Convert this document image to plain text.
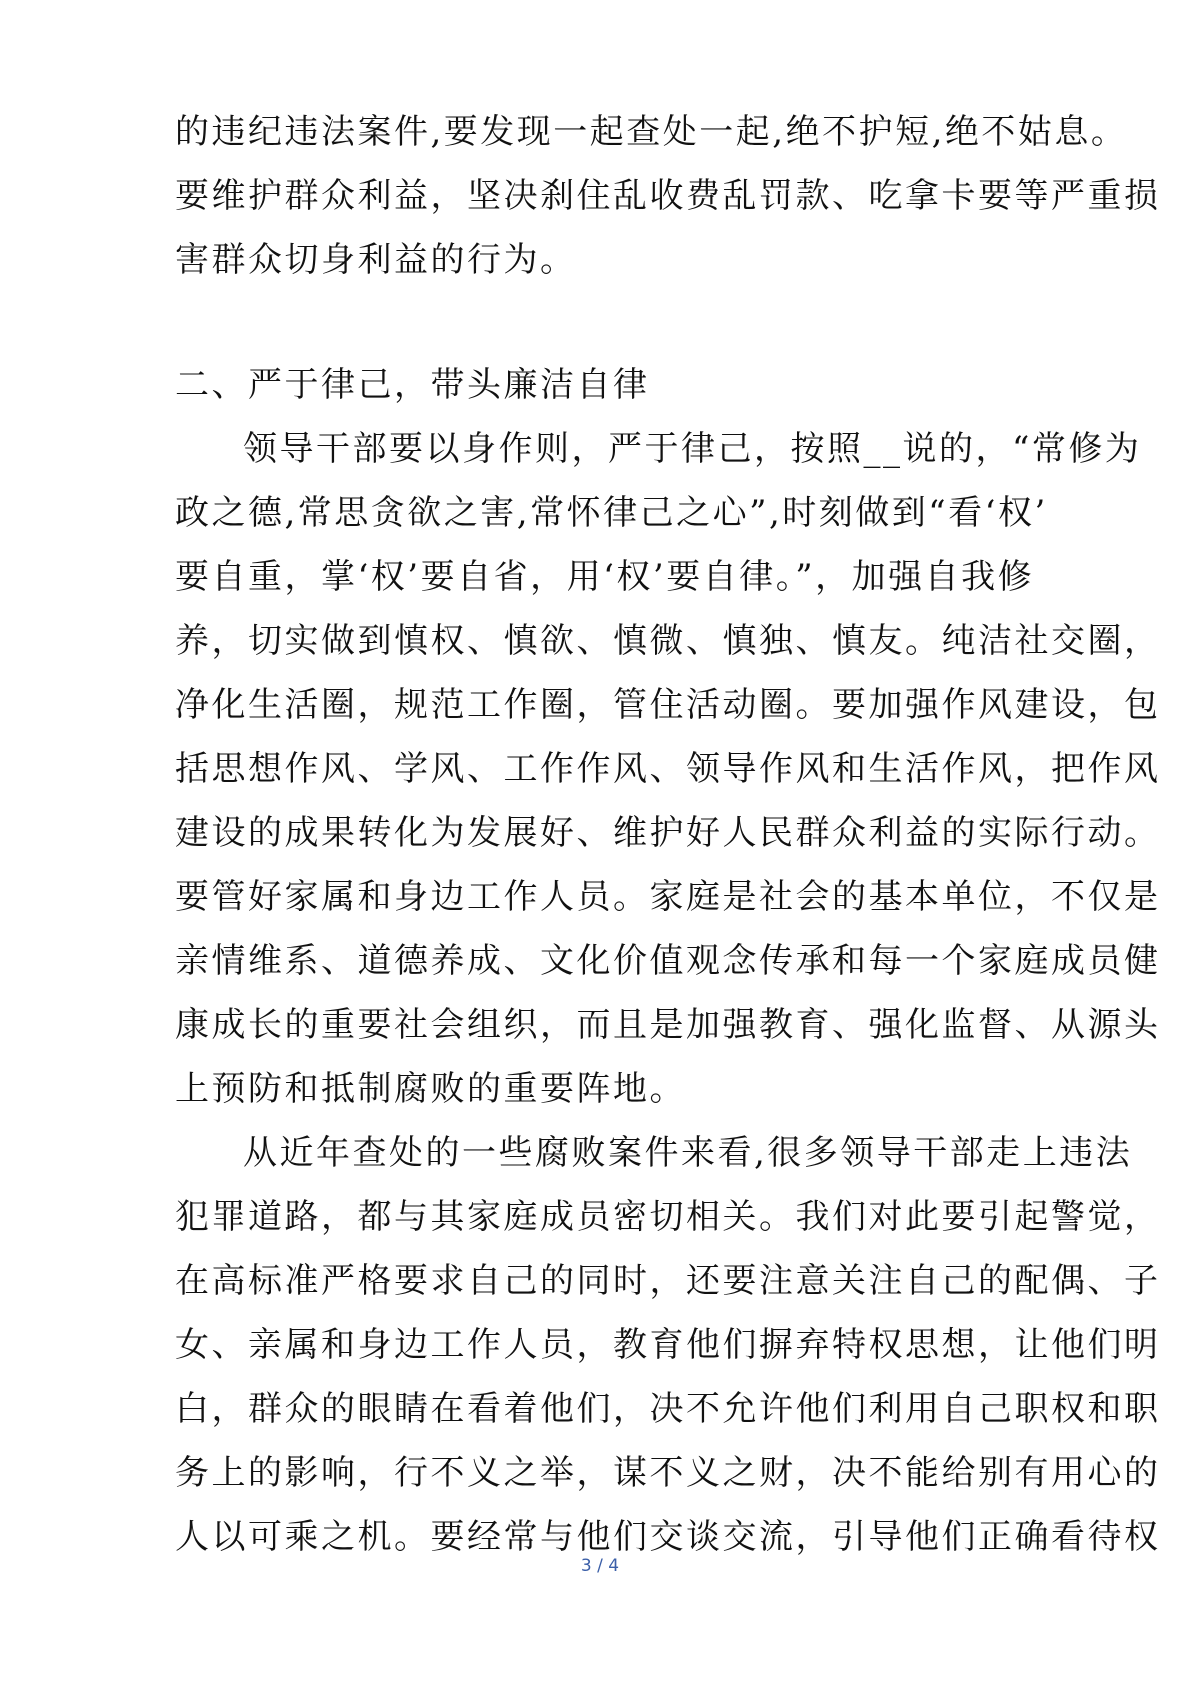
的违纪违法案件,要发现一起查处一起,绝不护短,绝不姑息。
要维护群众利益，坚决刹住乱收费乱罚款、吃拿卡要等严重损
害群众切身利益的行为。
二、严于律己，带头廉洁自律
领导干部要以身作则，严于律己，按照__说的，“常修为
政之德,常思贪欲之害,常怀律己之心”,时刻做到“看‘权’
要自重，掌‘权’要自省，用‘权’要自律。”，加强自我修
养，切实做到慎权、慎欲、慎微、慎独、慎友。纯洁社交圈，
净化生活圈，规范工作圈，管住活动圈。要加强作风建设，包
括思想作风、学风、工作作风、领导作风和生活作风，把作风
建设的成果转化为发展好、维护好人民群众利益的实际行动。
要管好家属和身边工作人员。家庭是社会的基本单位，不仅是
亲情维系、道德养成、文化价值观念传承和每一个家庭成员健
康成长的重要社会组织，而且是加强教育、强化监督、从源头
上预防和抵制腐败的重要阵地。
从近年查处的一些腐败案件来看,很多领导干部走上违法
犯罪道路，都与其家庭成员密切相关。我们对此要引起警觉，
在高标准严格要求自己的同时，还要注意关注自己的配偶、子
女、亲属和身边工作人员，教育他们摒弃特权思想，让他们明
白，群众的眼睛在看着他们，决不允许他们利用自己职权和职
务上的影响，行不义之举，谋不义之财，决不能给别有用心的
人以可乘之机。要经常与他们交谈交流，引导他们正确看待权
3 / 4
